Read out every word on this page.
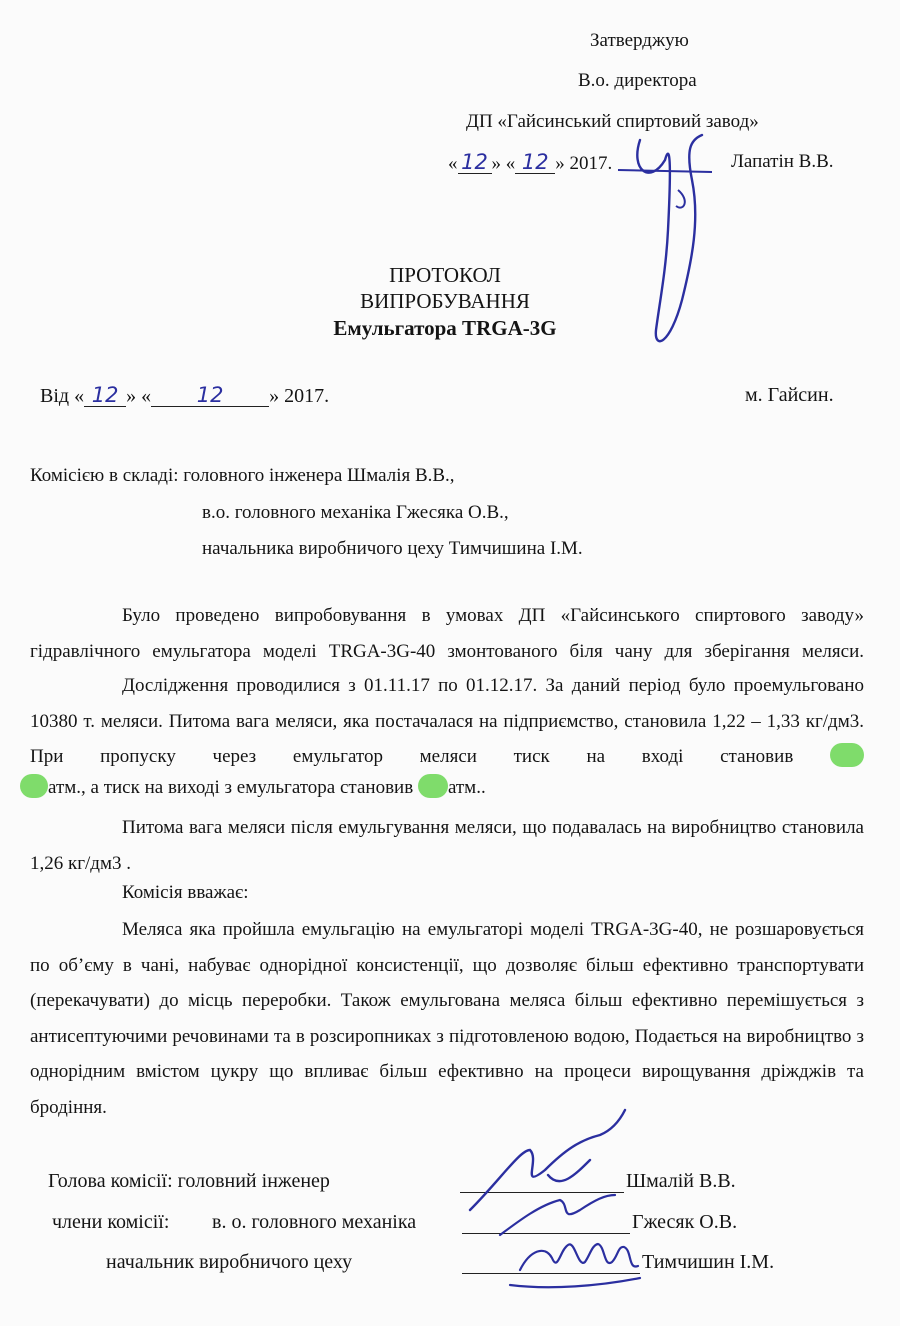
Затверджую
В.о. директора
ДП «Гайсинський спиртовий завод»
« 12 » « 12 » 2017.	Лапатін В.В.
ПРОТОКОЛ
ВИПРОБУВАННЯ
Емульгатора TRGA-3G
Від « 12 » « 12 » 2017.	м. Гайсин.
Комісією в складі: головного інженера Шмалія В.В.,
в.о. головного механіка Гжесяка О.В.,
начальника виробничого цеху Тимчишина І.М.
Було проведено випробовування в умовах ДП «Гайсинського спиртового заводу» гідравлічного емульгатора моделі TRGA-3G-40 змонтованого біля чану для зберігання меляси.
Дослідження проводилися з 01.11.17 по 01.12.17. За даний період було проемульговано 10380 т. меляси. Питома вага меляси, яка постачалася на підприємство, становила 1,22 – 1,33 кг/дм3. При пропуску через емульгатор меляси тиск на вході становив
атм., а тиск на виході з емульгатора становив атм..
Питома вага меляси після емульгування меляси, що подавалась на виробництво становила 1,26 кг/дм3 .
Комісія вважає:
Меляса яка пройшла емульгацію на емульгаторі моделі TRGA-3G-40, не розшаровується по об’єму в чані, набуває однорідної консистенції, що дозволяє більш ефективно транспортувати (перекачувати) до місць переробки. Також емульгована меляса більш ефективно перемішується з антисептуючими речовинами та в розсиропниках з підготовленою водою, Подається на виробництво з однорідним вмістом цукру що впливає більш ефективно на процеси вирощування дріжджів та бродіння.
Голова комісії: головний інженер	Шмалій В.В.
члени комісії: в. о. головного механіка	Гжесяк О.В.
начальник виробничого цеху	Тимчишин І.М.
